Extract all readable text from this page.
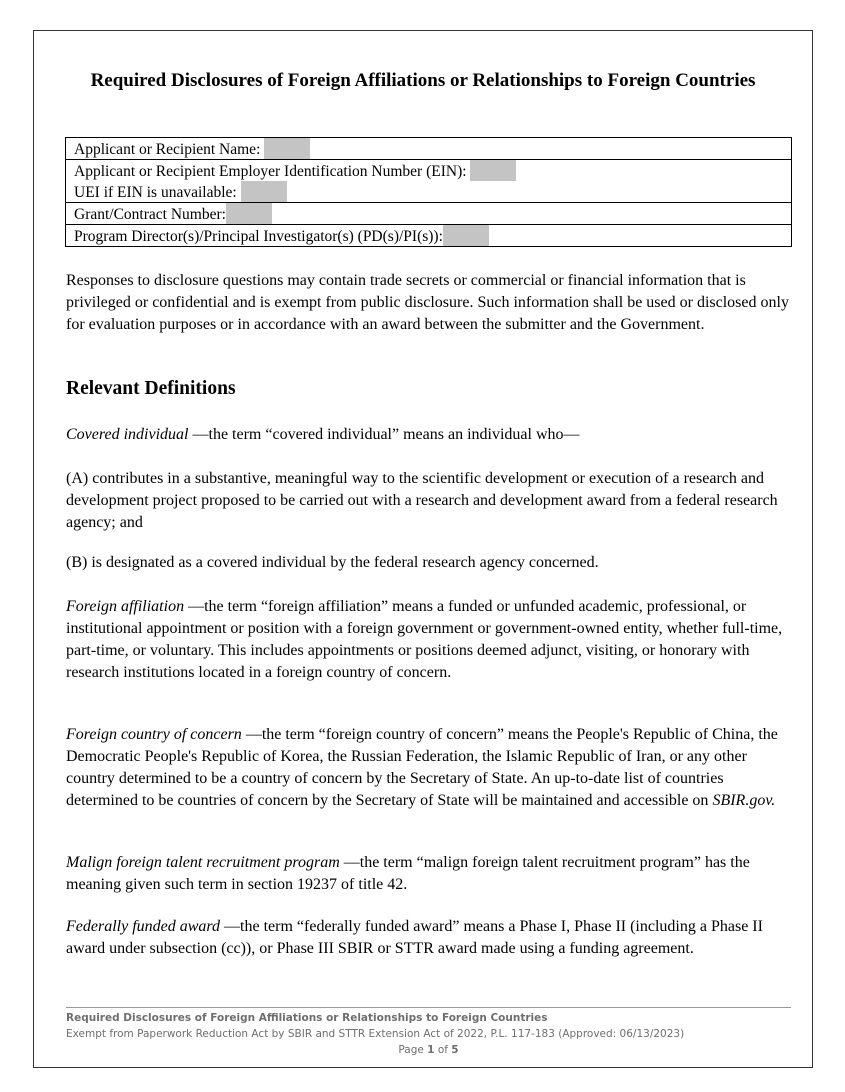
Required Disclosures of Foreign Affiliations or Relationships to Foreign Countries
Applicant or Recipient Name:

Applicant or Recipient Employer Identification Number (EIN):
UEI if EIN is unavailable:

Grant/Contract Number:

Program Director(s)/Principal Investigator(s) (PD(s)/PI(s)):

Responses to disclosure questions may contain trade secrets or commercial or financial information that is privileged or confidential and is exempt from public disclosure. Such information shall be used or disclosed only for evaluation purposes or in accordance with an award between the submitter and the Government.

Relevant Definitions

Covered individual —the term “covered individual” means an individual who—

(A) contributes in a substantive, meaningful way to the scientific development or execution of a research and development project proposed to be carried out with a research and development award from a federal research agency; and

(B) is designated as a covered individual by the federal research agency concerned.

Foreign affiliation —the term “foreign affiliation” means a funded or unfunded academic, professional, or institutional appointment or position with a foreign government or government-owned entity, whether full-time, part-time, or voluntary. This includes appointments or positions deemed adjunct, visiting, or honorary with research institutions located in a foreign country of concern.

Foreign country of concern —the term “foreign country of concern” means the People's Republic of China, the Democratic People's Republic of Korea, the Russian Federation, the Islamic Republic of Iran, or any other country determined to be a country of concern by the Secretary of State. An up-to-date list of countries determined to be countries of concern by the Secretary of State will be maintained and accessible on SBIR.gov.

Malign foreign talent recruitment program —the term “malign foreign talent recruitment program” has the meaning given such term in section 19237 of title 42.

Federally funded award —the term “federally funded award” means a Phase I, Phase II (including a Phase II award under subsection (cc)), or Phase III SBIR or STTR award made using a funding agreement.

Required Disclosures of Foreign Affiliations or Relationships to Foreign Countries
Exempt from Paperwork Reduction Act by SBIR and STTR Extension Act of 2022, P.L. 117-183 (Approved: 06/13/2023)
Page 1 of 5
